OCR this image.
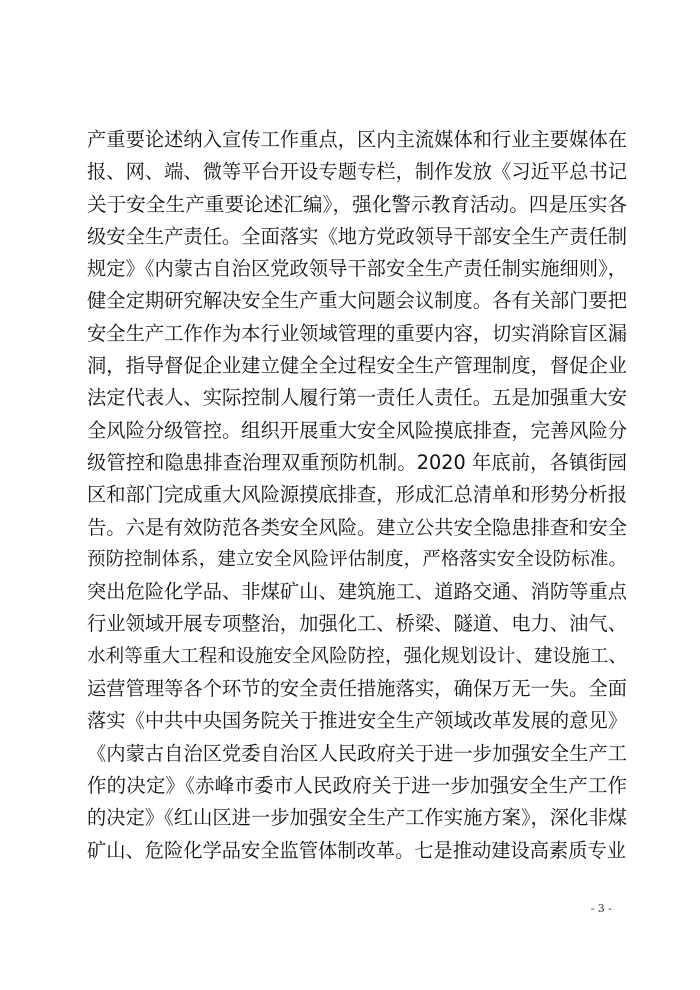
产重要论述纳入宣传工作重点，区内主流媒体和行业主要媒体在
报、网、端、微等平台开设专题专栏，制作发放《习近平总书记
关于安全生产重要论述汇编》，强化警示教育活动。四是压实各
级安全生产责任。全面落实《地方党政领导干部安全生产责任制
规定》《内蒙古自治区党政领导干部安全生产责任制实施细则》，
健全定期研究解决安全生产重大问题会议制度。各有关部门要把
安全生产工作作为本行业领域管理的重要内容，切实消除盲区漏
洞，指导督促企业建立健全全过程安全生产管理制度，督促企业
法定代表人、实际控制人履行第一责任人责任。五是加强重大安
全风险分级管控。组织开展重大安全风险摸底排查，完善风险分
级管控和隐患排查治理双重预防机制。2020 年底前，各镇街园
区和部门完成重大风险源摸底排查，形成汇总清单和形势分析报
告。六是有效防范各类安全风险。建立公共安全隐患排查和安全
预防控制体系，建立安全风险评估制度，严格落实安全设防标准。
突出危险化学品、非煤矿山、建筑施工、道路交通、消防等重点
行业领域开展专项整治，加强化工、桥梁、隧道、电力、油气、
水利等重大工程和设施安全风险防控，强化规划设计、建设施工、
运营管理等各个环节的安全责任措施落实，确保万无一失。全面
落实《中共中央国务院关于推进安全生产领域改革发展的意见》
《内蒙古自治区党委自治区人民政府关于进一步加强安全生产工
作的决定》《赤峰市委市人民政府关于进一步加强安全生产工作
的决定》《红山区进一步加强安全生产工作实施方案》，深化非煤
矿山、危险化学品安全监管体制改革。七是推动建设高素质专业
- 3 -
